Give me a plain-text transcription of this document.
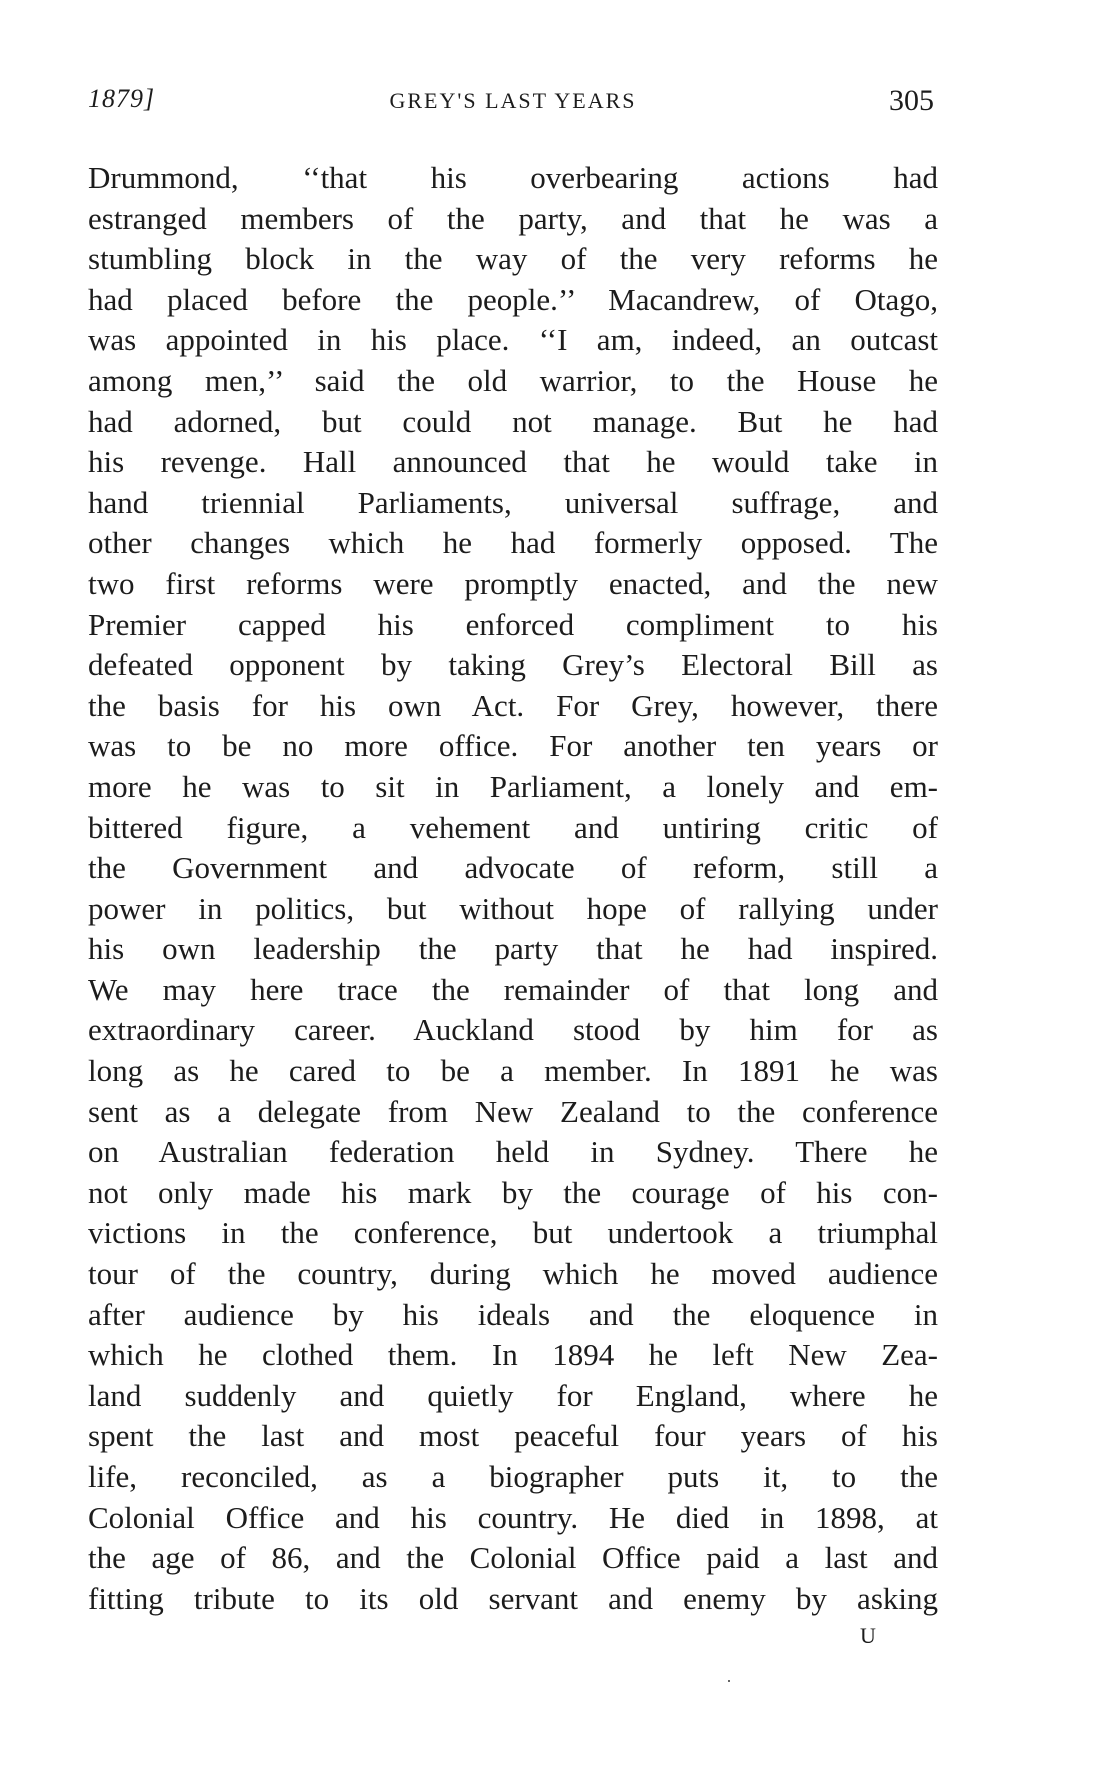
1879]	GREY'S LAST YEARS	305
Drummond, ‘‘that his overbearing actions had
estranged members of the party, and that he was a
stumbling block in the way of the very reforms he
had placed before the people.’’ Macandrew, of Otago,
was appointed in his place. ‘‘I am, indeed, an outcast
among men,’’ said the old warrior, to the House he
had adorned, but could not manage. But he had
his revenge. Hall announced that he would take in
hand triennial Parliaments, universal suffrage, and
other changes which he had formerly opposed. The
two first reforms were promptly enacted, and the new
Premier capped his enforced compliment to his
defeated opponent by taking Grey’s Electoral Bill as
the basis for his own Act. For Grey, however, there
was to be no more office. For another ten years or
more he was to sit in Parliament, a lonely and em-
bittered figure, a vehement and untiring critic of
the Government and advocate of reform, still a
power in politics, but without hope of rallying under
his own leadership the party that he had inspired.
We may here trace the remainder of that long and
extraordinary career. Auckland stood by him for as
long as he cared to be a member. In 1891 he was
sent as a delegate from New Zealand to the conference
on Australian federation held in Sydney. There he
not only made his mark by the courage of his con-
victions in the conference, but undertook a triumphal
tour of the country, during which he moved audience
after audience by his ideals and the eloquence in
which he clothed them. In 1894 he left New Zea-
land suddenly and quietly for England, where he
spent the last and most peaceful four years of his
life, reconciled, as a biographer puts it, to the
Colonial Office and his country. He died in 1898, at
the age of 86, and the Colonial Office paid a last and
fitting tribute to its old servant and enemy by asking
U
